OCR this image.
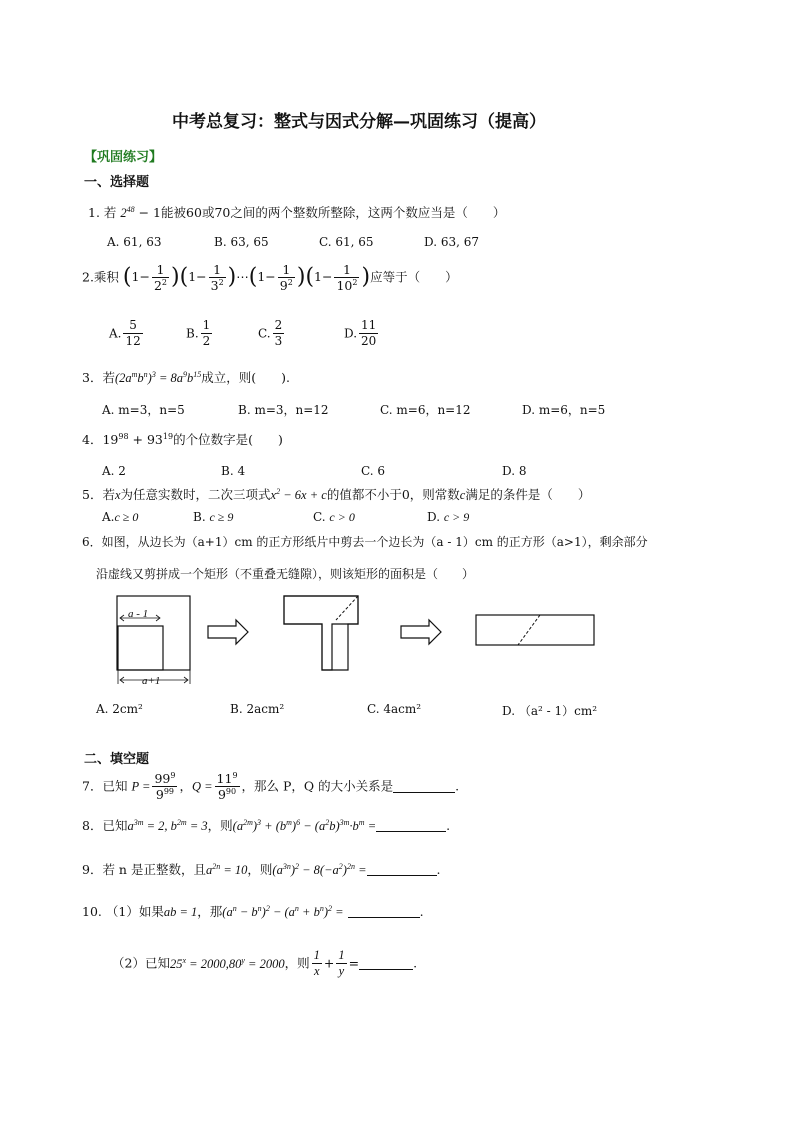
中考总复习：整式与因式分解—巩固练习（提高）
【巩固练习】
一、选择题
1. 若 $2^{48} - 1$能被60或70之间的两个整数所整除，这两个数应当是（　　）
A. 61, 63	B. 63, 65	C. 61, 65	D. 63, 67
2.乘积 $(1- \frac{1}{2^2} )(1- \frac{1}{3^2}$ )⋯(1− $\frac{1}{9^2} )(1- \frac{1}{10^2}$ )应等于（　　）
A. $\frac{5}{12}$	B. $\frac{1}{2}$	C. $\frac{2}{3}$	D. $\frac{11}{20}$
3．若$(2a^mb^n)^3 = 8a^9b^{15}$成立，则(　　).
A. m=3，n=5	B. m=3，n=12	C. m=6，n=12	D. m=6，n=5
4．$19^{98} + 93^{19}$的个位数字是(　　)
A. 2	B. 4	C. 6	D. 8
5．若x为任意实数时，二次三项式$x^2 - 6x + c$的值都不小于0，则常数c满足的条件是（　　）
A.c ≥ 0	B. c ≥ 9	C. c > 0	D. c > 9
6．如图，从边长为（a+1）cm 的正方形纸片中剪去一个边长为（a - 1）cm 的正方形（a>1），剩余部分
沿虚线又剪拼成一个矩形（不重叠无缝隙），则该矩形的面积是（　　）
a - 1
a+1
A. 2cm²	B. 2acm²	C. 4acm²	D. （a² - 1）cm²
二、填空题
7．已知 $P = \frac{99^9}{9^{99}}$ ，$Q = \frac{11^9}{9^{90}}$ ，那么 P，Q 的大小关系是	.
8．已知$a^{3m} = 2$, $b^{2m} = 3$，则$(a^{2m})^3 + (b^m)^6 - (a^2b)^{3m}\cdot b^m$ =	.
9．若 n 是正整数，且$a^{2n} = 10$，则$(a^{3n})^2 - 8(-a^2)^{2n}$ =	.
10. （1）如果ab = 1，那$(a^n - b^n)^2 - (a^n + b^n)^2$ =	.
（2）已知$25^x = 2000,80^y = 2000$，则 $\frac{1}{x} + \frac{1}{y}$ =	.
